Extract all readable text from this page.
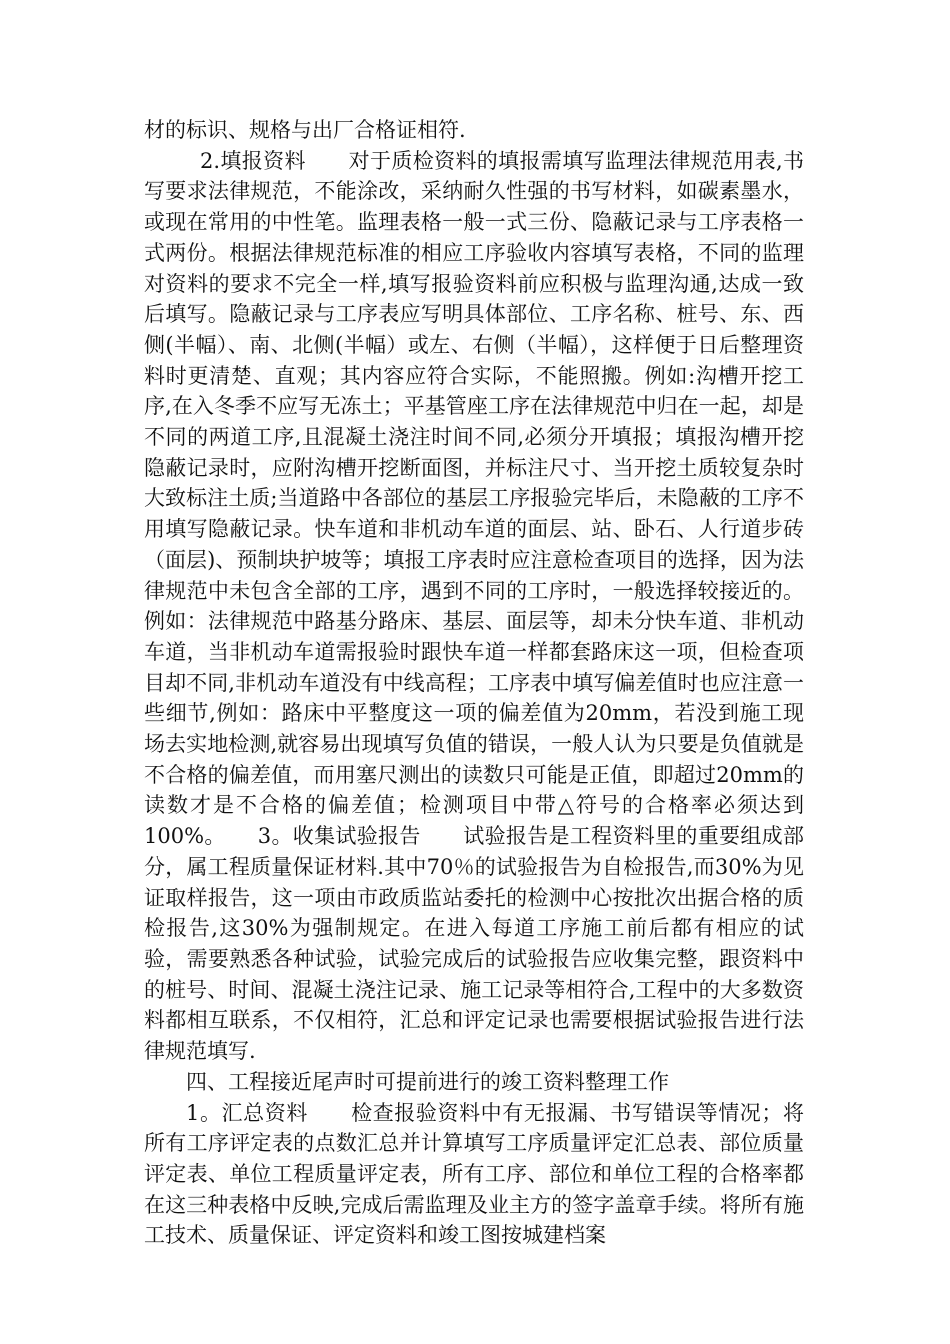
材的标识、规格与出厂合格证相符.

2.填报资料　　对于质检资料的填报需填写监理法律规范用表,书写要求法律规范，不能涂改，采纳耐久性强的书写材料，如碳素墨水，或现在常用的中性笔。监理表格一般一式三份、隐蔽记录与工序表格一式两份。根据法律规范标准的相应工序验收内容填写表格，不同的监理对资料的要求不完全一样,填写报验资料前应积极与监理沟通,达成一致后填写。隐蔽记录与工序表应写明具体部位、工序名称、桩号、东、西侧(半幅）、南、北侧(半幅）或左、右侧（半幅），这样便于日后整理资料时更清楚、直观；其内容应符合实际，不能照搬。例如:沟槽开挖工序,在入冬季不应写无冻土；平基管座工序在法律规范中归在一起，却是不同的两道工序,且混凝土浇注时间不同,必须分开填报；填报沟槽开挖隐蔽记录时，应附沟槽开挖断面图，并标注尺寸、当开挖土质较复杂时大致标注土质;当道路中各部位的基层工序报验完毕后，未隐蔽的工序不用填写隐蔽记录。快车道和非机动车道的面层、站、卧石、人行道步砖（面层)、预制块护坡等；填报工序表时应注意检查项目的选择，因为法律规范中未包含全部的工序，遇到不同的工序时，一般选择较接近的。例如：法律规范中路基分路床、基层、面层等，却未分快车道、非机动车道，当非机动车道需报验时跟快车道一样都套路床这一项，但检查项目却不同,非机动车道没有中线高程；工序表中填写偏差值时也应注意一些细节,例如：路床中平整度这一项的偏差值为20mm，若没到施工现场去实地检测,就容易出现填写负值的错误，一般人认为只要是负值就是不合格的偏差值，而用塞尺测出的读数只可能是正值，即超过20mm的读数才是不合格的偏差值；检测项目中带△符号的合格率必须达到100%。　　3。收集试验报告　　试验报告是工程资料里的重要组成部分，属工程质量保证材料.其中70％的试验报告为自检报告,而30%为见证取样报告，这一项由市政质监站委托的检测中心按批次出据合格的质检报告,这30%为强制规定。在进入每道工序施工前后都有相应的试验，需要熟悉各种试验，试验完成后的试验报告应收集完整，跟资料中的桩号、时间、混凝土浇注记录、施工记录等相符合,工程中的大多数资料都相互联系，不仅相符，汇总和评定记录也需要根据试验报告进行法律规范填写.

四、工程接近尾声时可提前进行的竣工资料整理工作

1。汇总资料　　检查报验资料中有无报漏、书写错误等情况；将所有工序评定表的点数汇总并计算填写工序质量评定汇总表、部位质量评定表、单位工程质量评定表，所有工序、部位和单位工程的合格率都在这三种表格中反映,完成后需监理及业主方的签字盖章手续。将所有施工技术、质量保证、评定资料和竣工图按城建档案
